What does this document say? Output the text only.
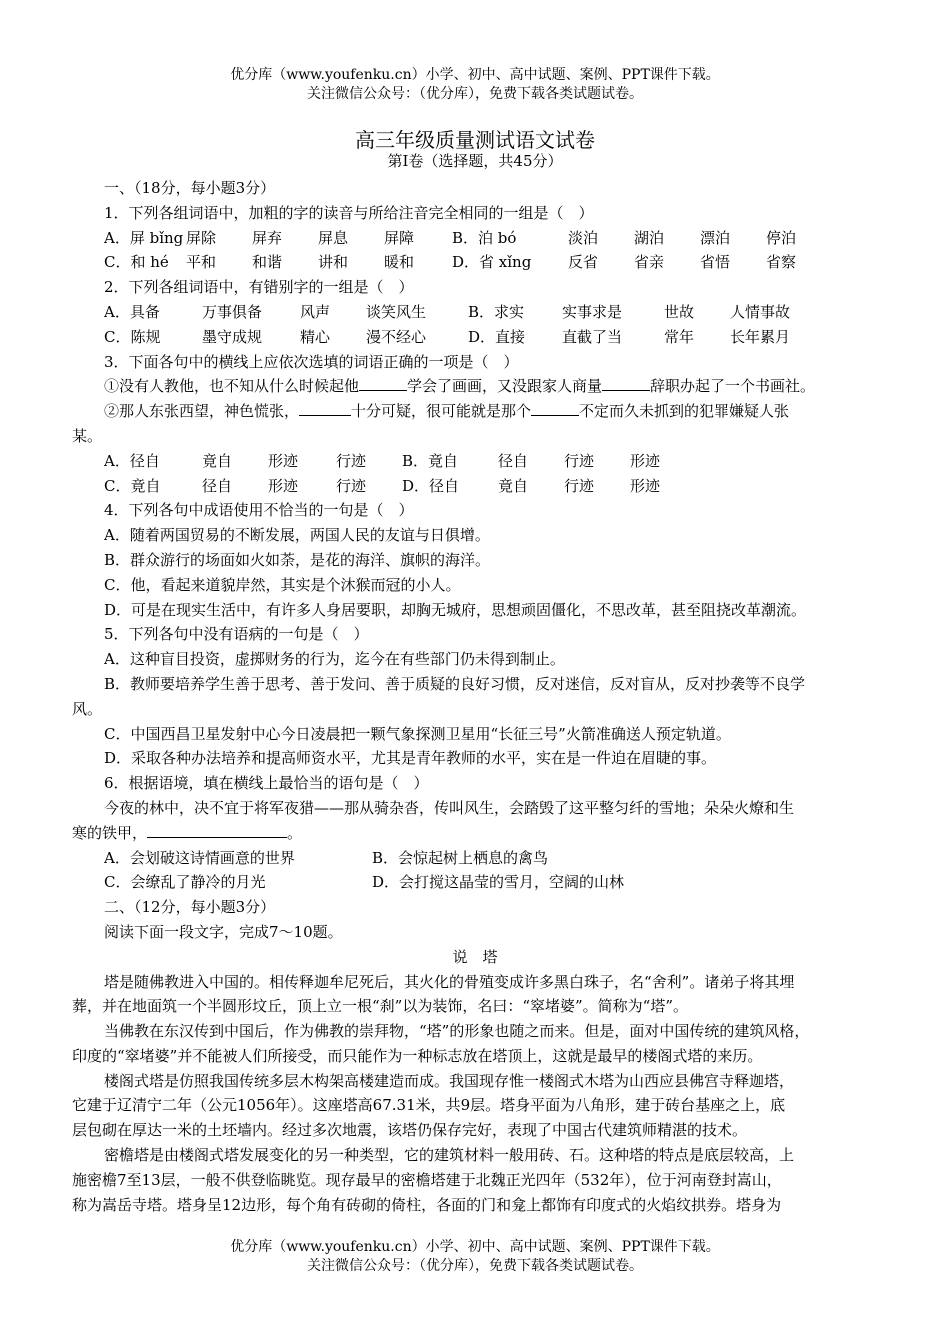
优分库（www.youfenku.cn）小学、初中、高中试题、案例、PPT课件下载。
关注微信公众号：（优分库），免费下载各类试题试卷。
高三年级质量测试语文试卷
第Ⅰ卷（选择题，共45分）
一、（18分，每小题3分）
1．下列各组词语中，加粗的字的读音与所给注音完全相同的一组是（　）
A．屏 bǐng 屏除 屏弃 屏息 屏障	B．泊 bó	淡泊 湖泊 漂泊 停泊
C．和 hé 平和 和谐 讲和 暖和	D．省 xǐng 反省 省亲 省悟 省察
2．下列各组词语中，有错别字的一组是（　）
A．具备	万事俱备	风声 谈笑风生	B．求实	实事求是	世故 人情事故
C．陈规	墨守成规	精心 漫不经心	D．直接 直截了当	常年 长年累月
3．下面各句中的横线上应依次选填的词语正确的一项是（　）
①没有人教他，也不知从什么时候起他	学会了画画，又没跟家人商量	辞职办起了一个书画社。
②那人东张西望，神色慌张，	十分可疑，很可能就是那个	不定而久未抓到的犯罪嫌疑人张
某。
A．径自	竟自 形迹	行迹 B．竟自	径自 行迹 形迹
C．竟自	径自 形迹	行迹 D．径自	竟自 行迹 形迹
4．下列各句中成语使用不恰当的一句是（　）
A．随着两国贸易的不断发展，两国人民的友谊与日俱增。
B．群众游行的场面如火如荼，是花的海洋、旗帜的海洋。
C．他，看起来道貌岸然，其实是个沐猴而冠的小人。
D．可是在现实生活中，有许多人身居要职，却胸无城府，思想顽固僵化，不思改革，甚至阻挠改革潮流。
5．下列各句中没有语病的一句是（　）
A．这种盲目投资，虚掷财务的行为，迄今在有些部门仍未得到制止。
B．教师要培养学生善于思考、善于发问、善于质疑的良好习惯，反对迷信，反对盲从，反对抄袭等不良学
风。
C．中国西昌卫星发射中心今日凌晨把一颗气象探测卫星用“长征三号”火箭准确送人预定轨道。
D．采取各种办法培养和提高师资水平，尤其是青年教师的水平，实在是一件迫在眉睫的事。
6．根据语境，填在横线上最恰当的语句是（　）
今夜的林中，决不宜于将军夜猎——那从骑杂沓，传叫风生，会踏毁了这平整匀纤的雪地；朵朵火燎和生
寒的铁甲，	。
A．会划破这诗情画意的世界	B．会惊起树上栖息的禽鸟
C．会缭乱了静冷的月光	D．会打搅这晶莹的雪月，空阔的山林
二、（12分，每小题3分）
阅读下面一段文字，完成7～10题。
说　塔
塔是随佛教进入中国的。相传释迦牟尼死后，其火化的骨殖变成许多黑白珠子，名“舍利”。诸弟子将其埋
葬，并在地面筑一个半圆形坟丘，顶上立一根“刹”以为装饰，名曰：“窣堵婆”。简称为“塔”。
当佛教在东汉传到中国后，作为佛教的崇拜物，“塔”的形象也随之而来。但是，面对中国传统的建筑风格，
印度的“窣堵婆”并不能被人们所接受，而只能作为一种标志放在塔顶上，这就是最早的楼阁式塔的来历。
楼阁式塔是仿照我国传统多层木构架高楼建造而成。我国现存惟一楼阁式木塔为山西应县佛宫寺释迦塔，
它建于辽清宁二年（公元1056年）。这座塔高67.31米，共9层。塔身平面为八角形，建于砖台基座之上，底
层包砌在厚达一米的土坯墙内。经过多次地震，该塔仍保存完好，表现了中国古代建筑师精湛的技术。
密檐塔是由楼阁式塔发展变化的另一种类型，它的建筑材料一般用砖、石。这种塔的特点是底层较高，上
施密檐7至13层，一般不供登临眺览。现存最早的密檐塔建于北魏正光四年（532年），位于河南登封嵩山，
称为嵩岳寺塔。塔身呈12边形，每个角有砖砌的倚柱，各面的门和龛上都饰有印度式的火焰纹拱券。塔身为
优分库（www.youfenku.cn）小学、初中、高中试题、案例、PPT课件下载。
关注微信公众号：（优分库），免费下载各类试题试卷。
